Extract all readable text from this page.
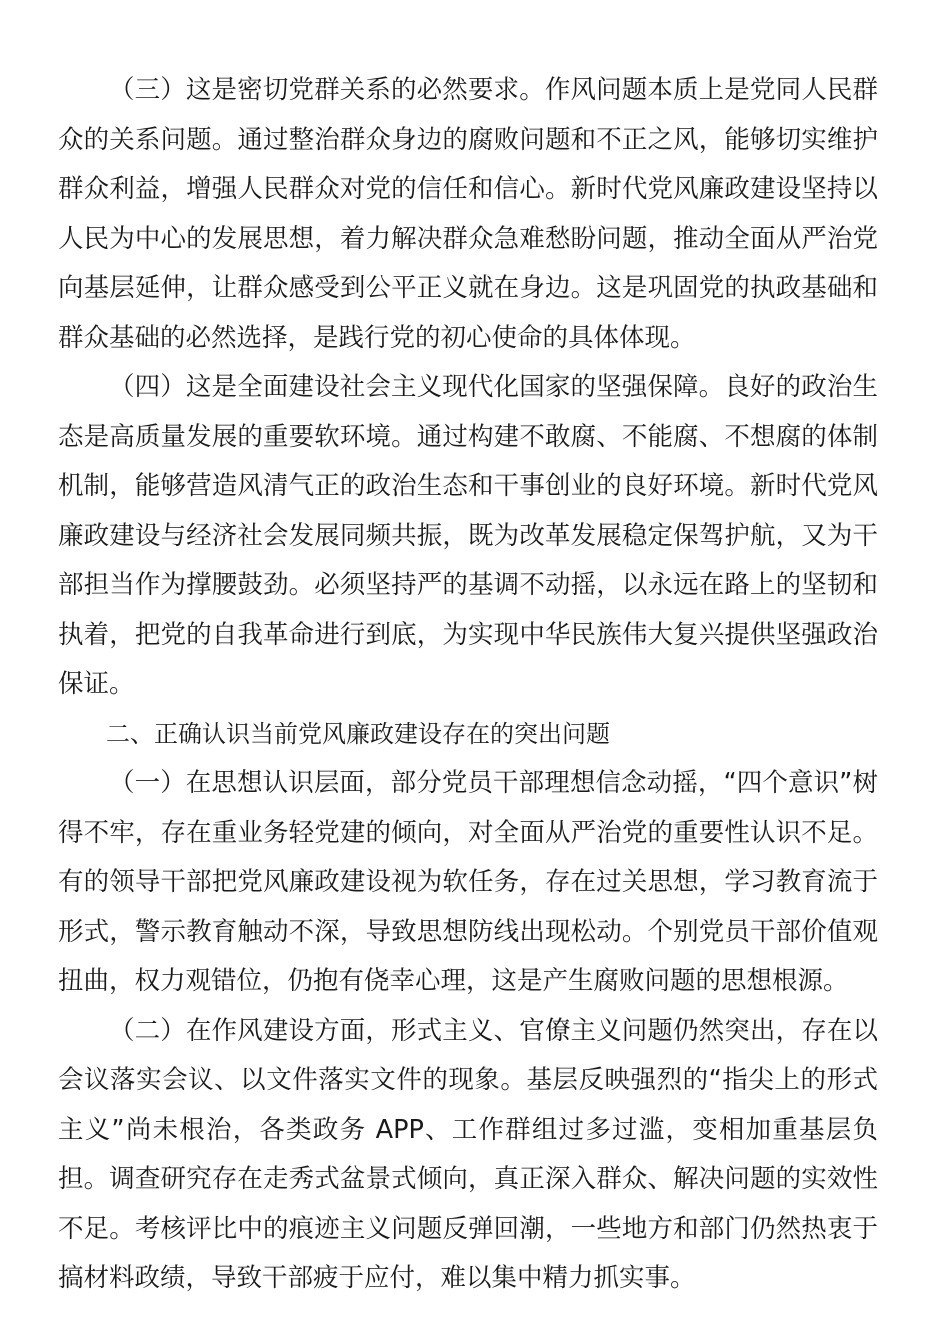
（三）这是密切党群关系的必然要求。作风问题本质上是党同人民群众的关系问题。通过整治群众身边的腐败问题和不正之风，能够切实维护群众利益，增强人民群众对党的信任和信心。新时代党风廉政建设坚持以人民为中心的发展思想，着力解决群众急难愁盼问题，推动全面从严治党向基层延伸，让群众感受到公平正义就在身边。这是巩固党的执政基础和群众基础的必然选择，是践行党的初心使命的具体体现。

（四）这是全面建设社会主义现代化国家的坚强保障。良好的政治生态是高质量发展的重要软环境。通过构建不敢腐、不能腐、不想腐的体制机制，能够营造风清气正的政治生态和干事创业的良好环境。新时代党风廉政建设与经济社会发展同频共振，既为改革发展稳定保驾护航，又为干部担当作为撑腰鼓劲。必须坚持严的基调不动摇，以永远在路上的坚韧和执着，把党的自我革命进行到底，为实现中华民族伟大复兴提供坚强政治保证。

二、正确认识当前党风廉政建设存在的突出问题

（一）在思想认识层面，部分党员干部理想信念动摇，“四个意识”树得不牢，存在重业务轻党建的倾向，对全面从严治党的重要性认识不足。有的领导干部把党风廉政建设视为软任务，存在过关思想，学习教育流于形式，警示教育触动不深，导致思想防线出现松动。个别党员干部价值观扭曲，权力观错位，仍抱有侥幸心理，这是产生腐败问题的思想根源。

（二）在作风建设方面，形式主义、官僚主义问题仍然突出，存在以会议落实会议、以文件落实文件的现象。基层反映强烈的“指尖上的形式主义”尚未根治，各类政务 APP、工作群组过多过滥，变相加重基层负担。调查研究存在走秀式盆景式倾向，真正深入群众、解决问题的实效性不足。考核评比中的痕迹主义问题反弹回潮，一些地方和部门仍然热衷于搞材料政绩，导致干部疲于应付，难以集中精力抓实事。
